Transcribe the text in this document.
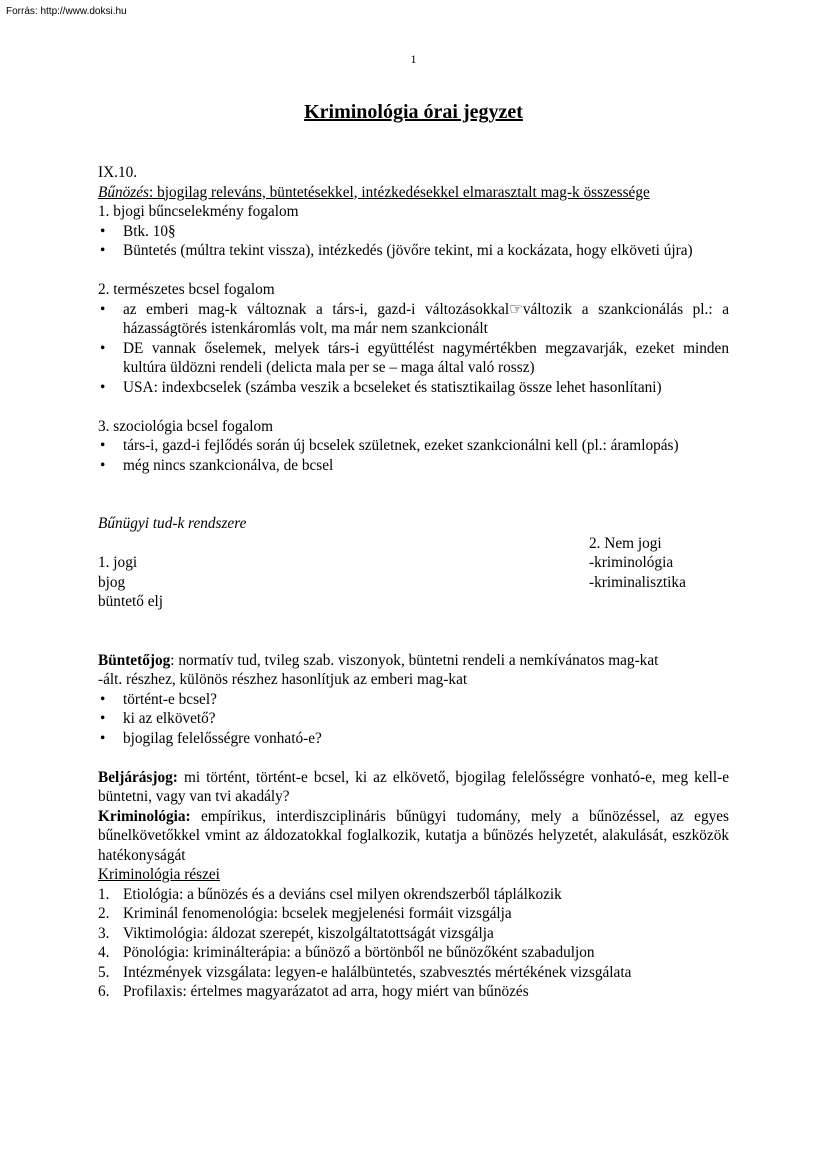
Forrás: http://www.doksi.hu
1
Kriminológia órai jegyzet

IX.10.

Bűnözés: bjogilag releváns, büntetésekkel, intézkedésekkel elmarasztalt mag-k összessége

1. bjogi bűncselekmény fogalom

• Btk. 10§
• Büntetés (múltra tekint vissza), intézkedés (jövőre tekint, mi a kockázata, hogy elköveti újra)

2. természetes bcsel fogalom

• az emberi mag-k változnak a társ-i, gazd-i változásokkal☞változik a szankcionálás pl.: a házasságtörés istenkáromlás volt, ma már nem szankcionált
• DE vannak őselemek, melyek társ-i együttélést nagymértékben megzavarják, ezeket minden kultúra üldözni rendeli (delicta mala per se – maga által való rossz)
• USA: indexbcselek (számba veszik a bcseleket és statisztikailag össze lehet hasonlítani)

3. szociológia bcsel fogalom

• társ-i, gazd-i fejlődés során új bcselek születnek, ezeket szankcionálni kell (pl.: áramlopás)
• még nincs szankcionálva, de bcsel

Bűnügyi tud-k rendszere

1. jogi

bjog

büntető elj

2. Nem jogi

-kriminológia

-kriminalisztika

Büntetőjog: normatív tud, tvileg szab. viszonyok, büntetni rendeli a nemkívánatos mag-kat

-ált. részhez, különös részhez hasonlítjuk az emberi mag-kat

• történt-e bcsel?
• ki az elkövető?
• bjogilag felelősségre vonható-e?

Beljárásjog: mi történt, történt-e bcsel, ki az elkövető, bjogilag felelősségre vonható-e, meg kell-e büntetni, vagy van tvi akadály?

Kriminológia: empírikus, interdiszciplináris bűnügyi tudomány, mely a bűnözéssel, az egyes bűnelkövetőkkel vmint az áldozatokkal foglalkozik, kutatja a bűnözés helyzetét, alakulását, eszközök hatékonyságát

Kriminológia részei

1. Etiológia: a bűnözés és a deviáns csel milyen okrendszerből táplálkozik
2. Kriminál fenomenológia: bcselek megjelenési formáit vizsgálja
3. Viktimológia: áldozat szerepét, kiszolgáltatottságát vizsgálja
4. Pönológia: kriminálterápia: a bűnöző a börtönből ne bűnözőként szabaduljon
5. Intézmények vizsgálata: legyen-e halálbüntetés, szabvesztés mértékének vizsgálata
6. Profilaxis: értelmes magyarázatot ad arra, hogy miért van bűnözés
